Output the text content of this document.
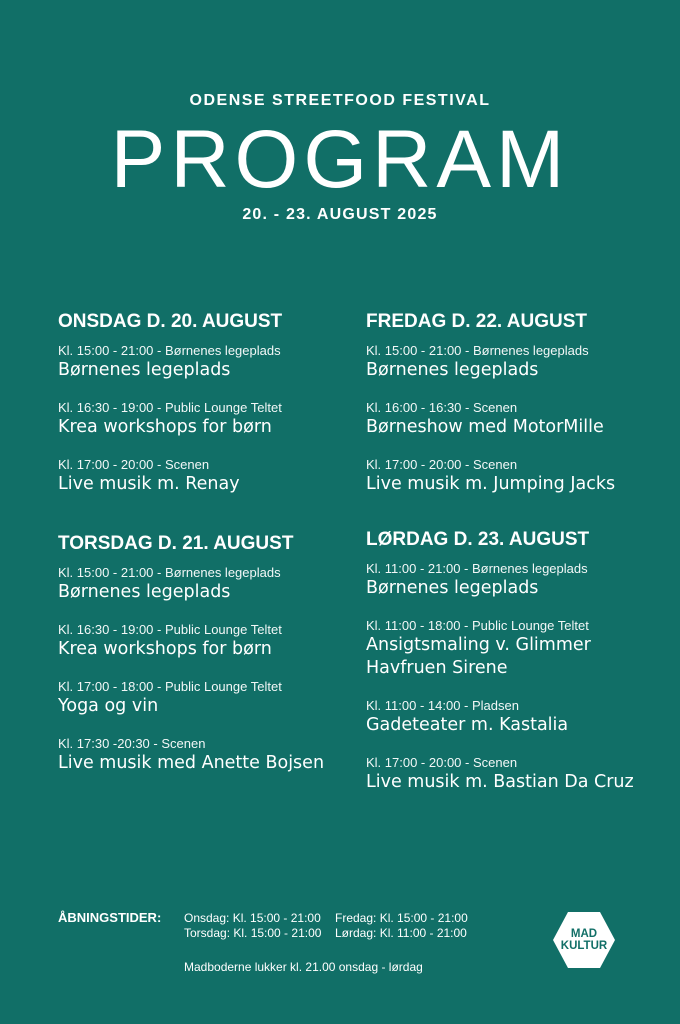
ODENSE STREETFOOD FESTIVAL
PROGRAM
20. - 23. AUGUST 2025
ONSDAG D. 20. AUGUST
Kl. 15:00 - 21:00 - Børnenes legeplads
Børnenes legeplads
Kl. 16:30 - 19:00 - Public Lounge Teltet
Krea workshops for børn
Kl. 17:00 - 20:00 - Scenen
Live musik m. Renay
TORSDAG D. 21. AUGUST
Kl. 15:00 - 21:00 - Børnenes legeplads
Børnenes legeplads
Kl. 16:30 - 19:00 - Public Lounge Teltet
Krea workshops for børn
Kl. 17:00 - 18:00 - Public Lounge Teltet
Yoga og vin
Kl. 17:30 -20:30 - Scenen
Live musik med Anette Bojsen
FREDAG D. 22. AUGUST
Kl. 15:00 - 21:00 - Børnenes legeplads
Børnenes legeplads
Kl. 16:00 - 16:30 - Scenen
Børneshow med MotorMille
Kl. 17:00 - 20:00 - Scenen
Live musik m. Jumping Jacks
LØRDAG D. 23. AUGUST
Kl. 11:00 - 21:00 - Børnenes legeplads
Børnenes legeplads
Kl. 11:00 - 18:00 - Public Lounge Teltet
Ansigtsmaling v. Glimmer Havfruen Sirene
Kl. 11:00 - 14:00 - Pladsen
Gadeteater m. Kastalia
Kl. 17:00 - 20:00 - Scenen
Live musik m. Bastian Da Cruz
ÅBNINGSTIDER: Onsdag: Kl. 15:00 - 21:00
Torsdag: Kl. 15:00 - 21:00
Fredag: Kl. 15:00 - 21:00
Lørdag: Kl. 11:00 - 21:00
Madboderne lukker kl. 21.00 onsdag - lørdag
MAD
KULTUR
